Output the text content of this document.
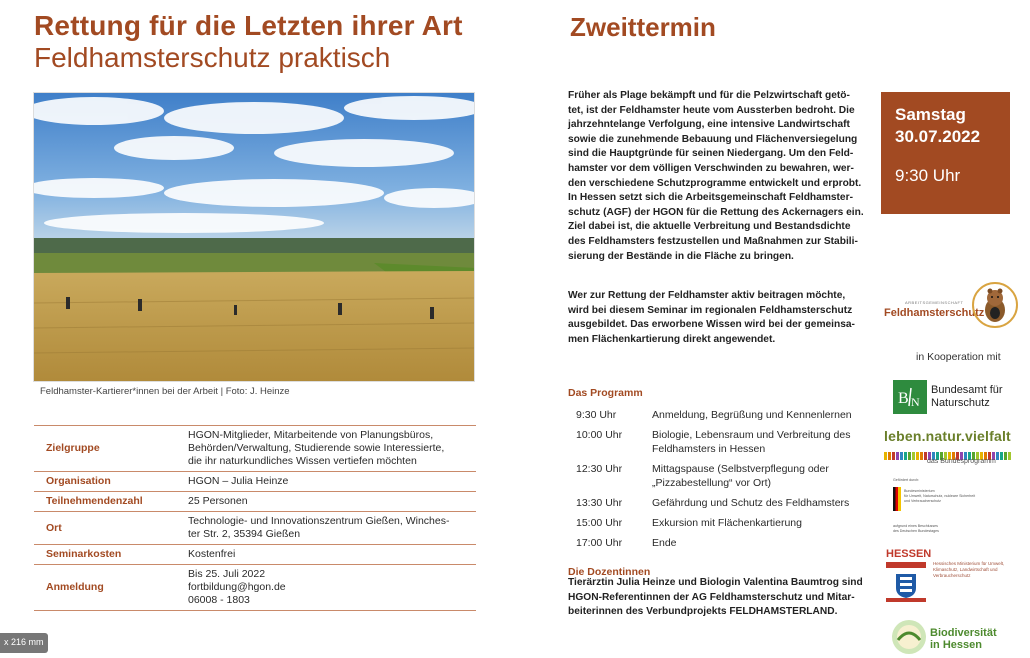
Rettung für die Letzten ihrer Art
Feldhamsterschutz praktisch
Feldhamster-Kartierer*innen bei der Arbeit | Foto: J. Heinze
Zielgruppe	HGON-Mitglieder, Mitarbeitende von Planungsbüros,
Behörden/Verwaltung, Studierende sowie Interessierte,
die ihr naturkundliches Wissen vertiefen möchten

Organisation	HGON – Julia Heinze

Teilnehmendenzahl	25 Personen

Ort	Technologie- und Innovationszentrum Gießen, Winches-
ter Str. 2, 35394 Gießen

Seminarkosten	Kostenfrei

Anmeldung	Bis 25. Juli 2022
fortbildung@hgon.de
06008 - 1803
Zweittermin
Früher als Plage bekämpft und für die Pelzwirtschaft getö-
tet, ist der Feldhamster heute vom Aussterben bedroht. Die
jahrzehntelange Verfolgung, eine intensive Landwirtschaft
sowie die zunehmende Bebauung und Flächenversiegelung
sind die Hauptgründe für seinen Niedergang. Um den Feld-
hamster vor dem völligen Verschwinden zu bewahren, wer-
den verschiedene Schutzprogramme entwickelt und erprobt.
In Hessen setzt sich die Arbeitsgemeinschaft Feldhamster-
schutz (AGF) der HGON für die Rettung des Ackernagers ein.
Ziel dabei ist, die aktuelle Verbreitung und Bestandsdichte
des Feldhamsters festzustellen und Maßnahmen zur Stabili-
sierung der Bestände in die Fläche zu bringen.
Wer zur Rettung der Feldhamster aktiv beitragen möchte,
wird bei diesem Seminar im regionalen Feldhamsterschutz
ausgebildet. Das erworbene Wissen wird bei der gemeinsa-
men Flächenkartierung direkt angewendet.
Das Programm
9:30 Uhr	Anmeldung, Begrüßung und Kennenlernen
10:00 Uhr	Biologie, Lebensraum und Verbreitung des
Feldhamsters in Hessen
12:30 Uhr	Mittagspause (Selbstverpflegung oder
„Pizzabestellung“ vor Ort)
13:30 Uhr	Gefährdung und Schutz des Feldhamsters
15:00 Uhr	Exkursion mit Flächenkartierung
17:00 Uhr	Ende
Die Dozentinnen
Tierärztin Julia Heinze und Biologin Valentina Baumtrog sind
HGON-Referentinnen der AG Feldhamsterschutz und Mitar-
beiterinnen des Verbundprojekts FELDHAMSTERLAND.
Samstag
30.07.2022
9:30 Uhr
ARBEITSGEMEINSCHAFT
Feldhamsterschutz
in Kooperation mit
B N
Bundesamt für
Naturschutz
leben.natur.vielfalt
das Bundesprogramm
Gefördert durch:
Bundesministerium
für Umwelt, Naturschutz, nukleare Sicherheit
und Verbraucherschutz
aufgrund eines Beschlusses
des Deutschen Bundestages
HESSEN
Hessisches Ministerium für Umwelt, Klimaschutz, Landwirtschaft und Verbraucherschutz
Biodiversität
in Hessen
x 216 mm
